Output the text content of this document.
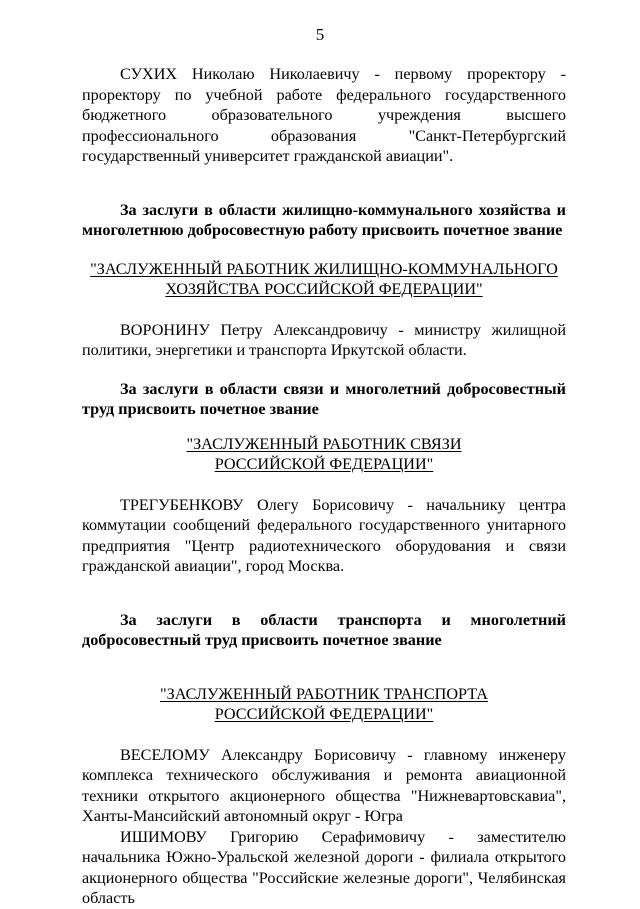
5

СУХИХ Николаю Николаевичу - первому проректору - проректору по учебной работе федерального государственного бюджетного образовательного учреждения высшего профессионального образования "Санкт-Петербургский государственный университет гражданской авиации".

За заслуги в области жилищно-коммунального хозяйства и многолетнюю добросовестную работу присвоить почетное звание

"ЗАСЛУЖЕННЫЙ РАБОТНИК ЖИЛИЩНО-КОММУНАЛЬНОГО
ХОЗЯЙСТВА РОССИЙСКОЙ ФЕДЕРАЦИИ"

ВОРОНИНУ Петру Александровичу - министру жилищной политики, энергетики и транспорта Иркутской области.

За заслуги в области связи и многолетний добросовестный труд присвоить почетное звание

"ЗАСЛУЖЕННЫЙ РАБОТНИК СВЯЗИ
РОССИЙСКОЙ ФЕДЕРАЦИИ"

ТРЕГУБЕНКОВУ Олегу Борисовичу - начальнику центра коммутации сообщений федерального государственного унитарного предприятия "Центр радиотехнического оборудования и связи гражданской авиации", город Москва.

За заслуги в области транспорта и многолетний добросовестный труд присвоить почетное звание

"ЗАСЛУЖЕННЫЙ РАБОТНИК ТРАНСПОРТА
РОССИЙСКОЙ ФЕДЕРАЦИИ"

ВЕСЕЛОМУ Александру Борисовичу - главному инженеру комплекса технического обслуживания и ремонта авиационной техники открытого акционерного общества "Нижневартовскавиа", Ханты-Мансийский автономный округ - Югра

ИШИМОВУ Григорию Серафимовичу - заместителю начальника Южно-Уральской железной дороги - филиала открытого акционерного общества "Российские железные дороги", Челябинская область
